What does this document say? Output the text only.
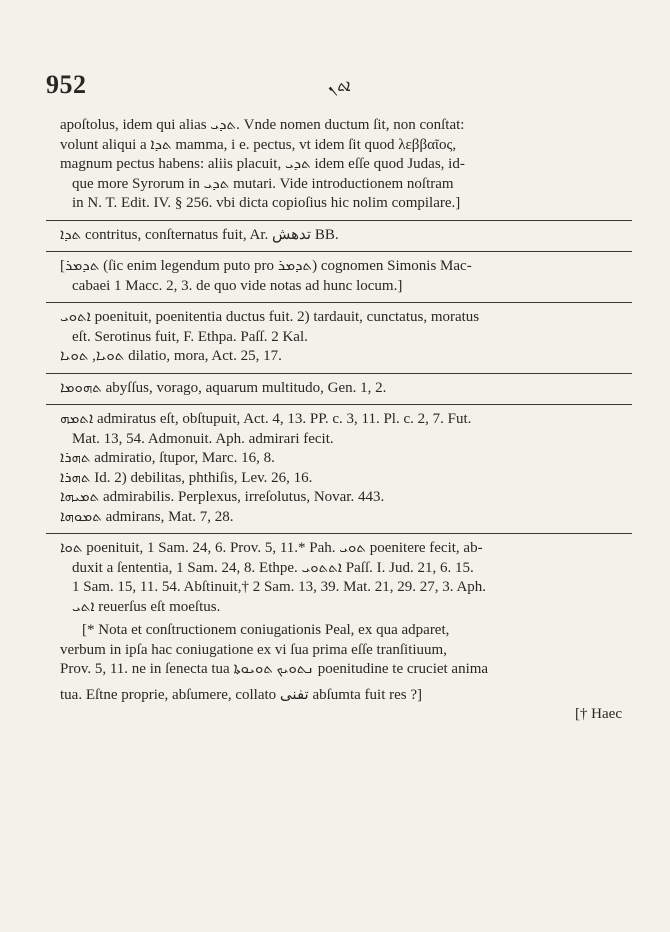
952	ܐܬܢ
apoſtolus, idem qui alias ܬܕܝ. Vnde nomen ductum ſit, non conſtat:
volunt aliqui a ܬܕܐ mamma, i e. pectus, vt idem ſit quod λεββαῖος,
magnum pectus habens: aliis placuit, ܬܕܝ idem eſſe quod Judas, id-
que more Syrorum in ܬܕܝ mutari. Vide introductionem noſtram
in N. T. Edit. IV. § 256. vbi dicta copioſius hic nolim compilare.]
ܬܕܐ contritus, conſternatus fuit, Ar. تدهش BB.
[ܬܕܡܪ (ſic enim legendum puto pro ܬܕܡܪ) cognomen Simonis Mac-
cabaei 1 Macc. 2, 3. de quo vide notas ad hunc locum.]
ܐܬܘܝ poenituit, poenitentia ductus fuit. 2) tardauit, cunctatus, moratus
eſt. Serotinus fuit, F. Ethpa. Paſſ. 2 Kal.
ܬܘܝܐ, ܬܘܝܐ dilatio, mora, Act. 25, 17.
ܬܗܘܡܐ abyſſus, vorago, aquarum multitudo, Gen. 1, 2.
ܐܬܡܗ admiratus eſt, obſtupuit, Act. 4, 13. PP. c. 3, 11. Pl. c. 2, 7. Fut.
Mat. 13, 54. Admonuit. Aph. admirari fecit.
ܬܗܪܐ admiratio, ſtupor, Marc. 16, 8.
ܬܗܪܐ Id. 2) debilitas, phthiſis, Lev. 26, 16.
ܬܡܝܗܐ admirabilis. Perplexus, irreſolutus, Novar. 443.
ܬܡܘܗܐ admirans, Mat. 7, 28.
ܬܘܐ poenituit, 1 Sam. 24, 6. Prov. 5, 11.* Pah. ܬܘܝ poenitere fecit, ab-
duxit a ſententia, 1 Sam. 24, 8. Ethpe. ܐܬܬܘܝ Paſſ. I. Jud. 21, 6. 15.
1 Sam. 15, 11. 54. Abſtinuit,† 2 Sam. 13, 39. Mat. 21, 29. 27, 3. Aph.
ܐܬܝ reuerſus eſt moeſtus.
[* Nota et conſtructionem coniugationis Peal, ex qua adparet,
verbum in ipſa hac coniugatione ex vi ſua prima eſſe tranſitiuum,
Prov. 5, 11. ne in ſenecta tua ܢܬܘܝܟ ܬܘܝܘܬܐ poenitudine te cruciet anima
tua. Eſtne proprie, abſumere, collato تفنى abſumta fuit res ?]
[† Haec
